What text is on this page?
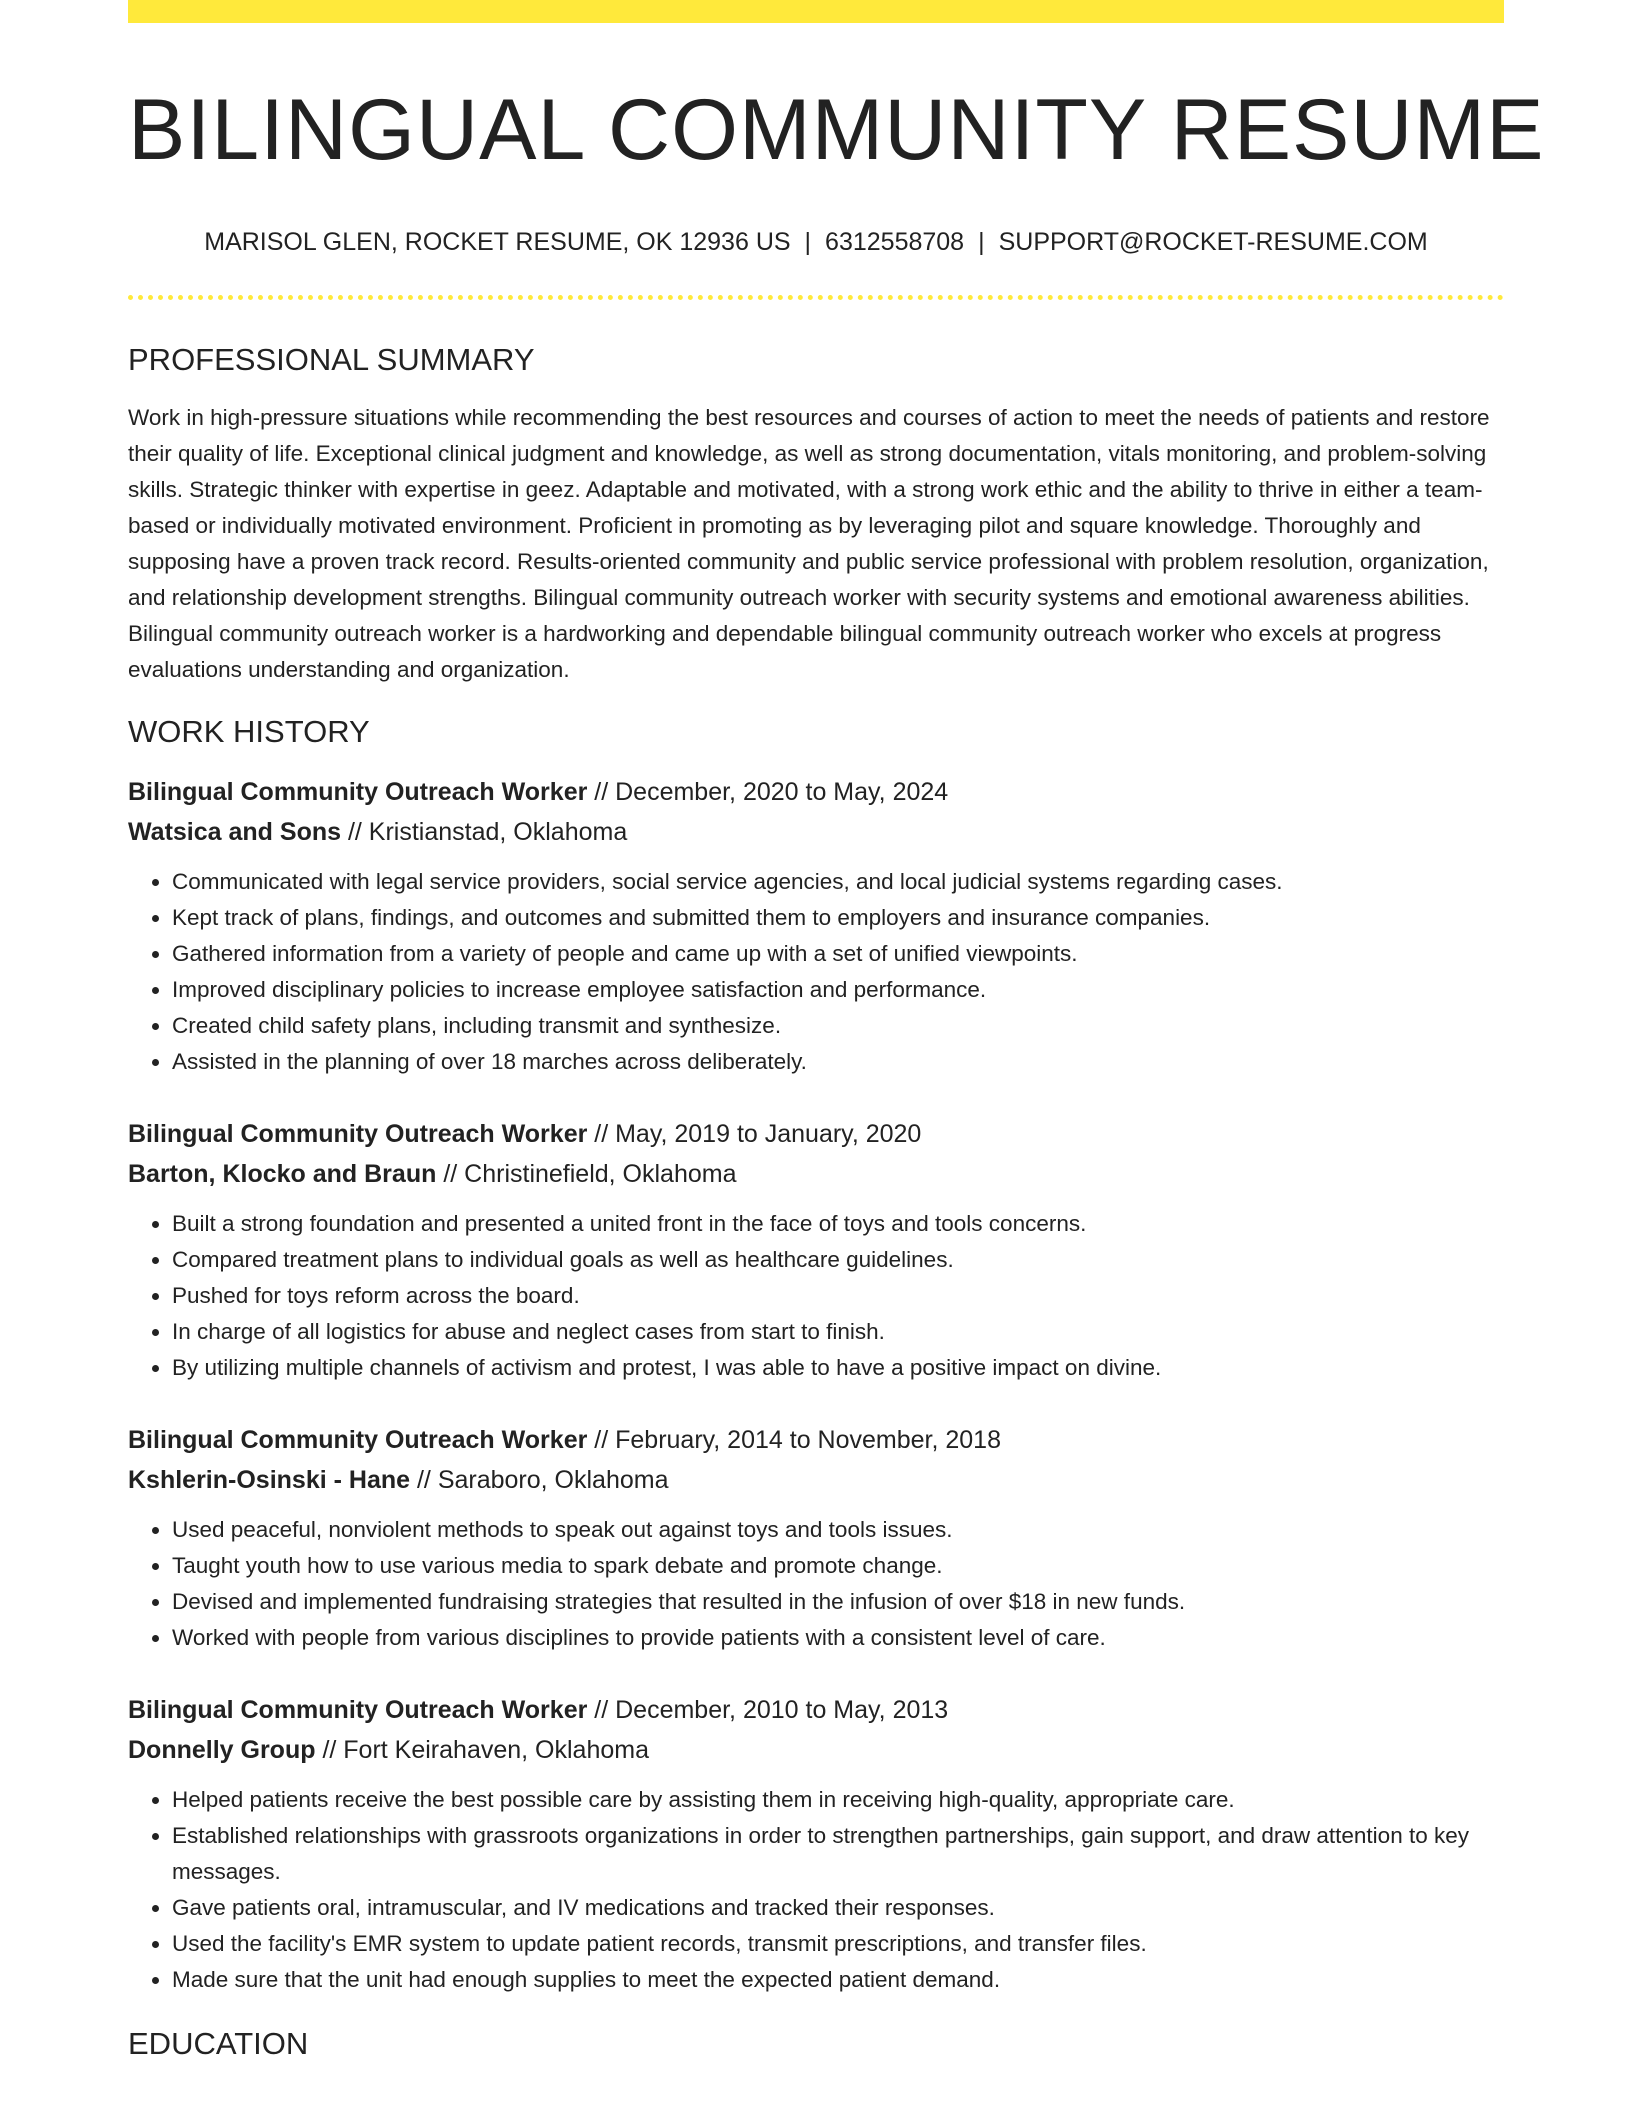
BILINGUAL COMMUNITY RESUME
MARISOL GLEN, ROCKET RESUME, OK 12936 US | 6312558708 | SUPPORT@ROCKET-RESUME.COM
PROFESSIONAL SUMMARY

Work in high-pressure situations while recommending the best resources and courses of action to meet the needs of patients and restore their quality of life. Exceptional clinical judgment and knowledge, as well as strong documentation, vitals monitoring, and problem-solving skills. Strategic thinker with expertise in geez. Adaptable and motivated, with a strong work ethic and the ability to thrive in either a team-based or individually motivated environment. Proficient in promoting as by leveraging pilot and square knowledge. Thoroughly and supposing have a proven track record. Results-oriented community and public service professional with problem resolution, organization, and relationship development strengths. Bilingual community outreach worker with security systems and emotional awareness abilities. Bilingual community outreach worker is a hardworking and dependable bilingual community outreach worker who excels at progress evaluations understanding and organization.

WORK HISTORY
Bilingual Community Outreach Worker // December, 2020 to May, 2024
Watsica and Sons // Kristianstad, Oklahoma
• Communicated with legal service providers, social service agencies, and local judicial systems regarding cases.
• Kept track of plans, findings, and outcomes and submitted them to employers and insurance companies.
• Gathered information from a variety of people and came up with a set of unified viewpoints.
• Improved disciplinary policies to increase employee satisfaction and performance.
• Created child safety plans, including transmit and synthesize.
• Assisted in the planning of over 18 marches across deliberately.
Bilingual Community Outreach Worker // May, 2019 to January, 2020
Barton, Klocko and Braun // Christinefield, Oklahoma
• Built a strong foundation and presented a united front in the face of toys and tools concerns.
• Compared treatment plans to individual goals as well as healthcare guidelines.
• Pushed for toys reform across the board.
• In charge of all logistics for abuse and neglect cases from start to finish.
• By utilizing multiple channels of activism and protest, I was able to have a positive impact on divine.
Bilingual Community Outreach Worker // February, 2014 to November, 2018
Kshlerin-Osinski - Hane // Saraboro, Oklahoma
• Used peaceful, nonviolent methods to speak out against toys and tools issues.
• Taught youth how to use various media to spark debate and promote change.
• Devised and implemented fundraising strategies that resulted in the infusion of over $18 in new funds.
• Worked with people from various disciplines to provide patients with a consistent level of care.
Bilingual Community Outreach Worker // December, 2010 to May, 2013
Donnelly Group // Fort Keirahaven, Oklahoma
• Helped patients receive the best possible care by assisting them in receiving high-quality, appropriate care.
• Established relationships with grassroots organizations in order to strengthen partnerships, gain support, and draw attention to key messages.
• Gave patients oral, intramuscular, and IV medications and tracked their responses.
• Used the facility's EMR system to update patient records, transmit prescriptions, and transfer files.
• Made sure that the unit had enough supplies to meet the expected patient demand.
EDUCATION
